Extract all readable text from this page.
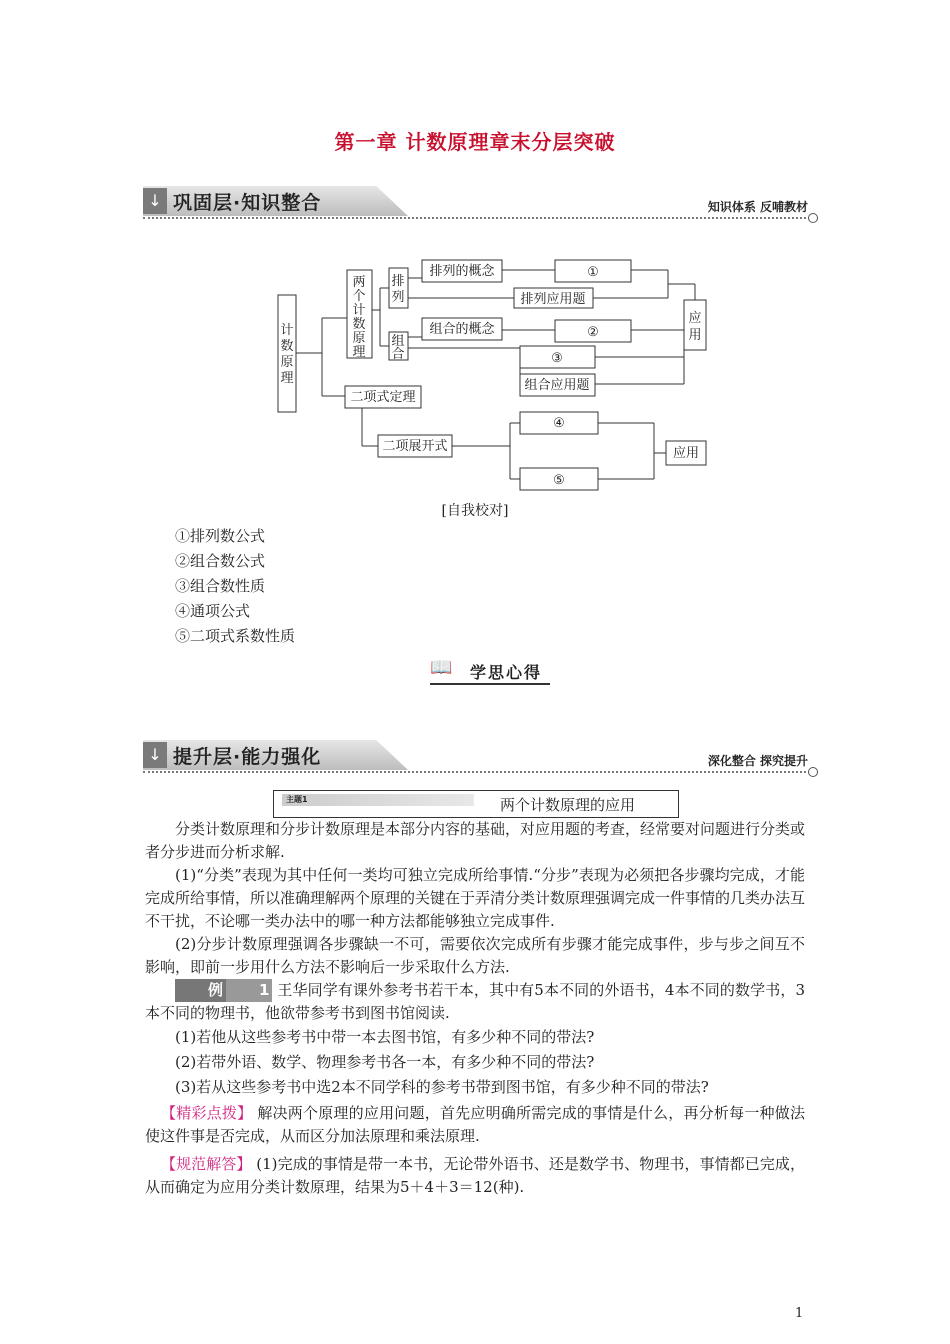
第一章 计数原理章末分层突破
↓ 巩固层·知识整合	知识体系 反哺教材
计
数
原
理
两
个
计
数
原
理
排
列
组
合
排列的概念
排列应用题
组合的概念
组合应用题
二项式定理
二项展开式
①
②
③
④
⑤
应
用
应用
[自我校对]
①排列数公式
②组合数公式
③组合数性质
④通项公式
⑤二项式系数性质
📖	学思心得
↓ 提升层·能力强化	深化整合 探究提升
主题1	两个计数原理的应用
分类计数原理和分步计数原理是本部分内容的基础，对应用题的考查，经常要对问题进行分类或者分步进而分析求解.
(1)“分类”表现为其中任何一类均可独立完成所给事情.“分步”表现为必须把各步骤均完成，才能完成所给事情，所以准确理解两个原理的关键在于弄清分类计数原理强调完成一件事情的几类办法互不干扰，不论哪一类办法中的哪一种方法都能够独立完成事件.
(2)分步计数原理强调各步骤缺一不可，需要依次完成所有步骤才能完成事件，步与步之间互不影响，即前一步用什么方法不影响后一步采取什么方法.
例 1 王华同学有课外参考书若干本，其中有5本不同的外语书，4本不同的数学书，3本不同的物理书，他欲带参考书到图书馆阅读.
(1)若他从这些参考书中带一本去图书馆，有多少种不同的带法?
(2)若带外语、数学、物理参考书各一本，有多少种不同的带法?
(3)若从这些参考书中选2本不同学科的参考书带到图书馆，有多少种不同的带法?
【精彩点拨】 解决两个原理的应用问题，首先应明确所需完成的事情是什么，再分析每一种做法使这件事是否完成，从而区分加法原理和乘法原理.
【规范解答】 (1)完成的事情是带一本书，无论带外语书、还是数学书、物理书，事情都已完成，从而确定为应用分类计数原理，结果为5＋4＋3＝12(种).
1
